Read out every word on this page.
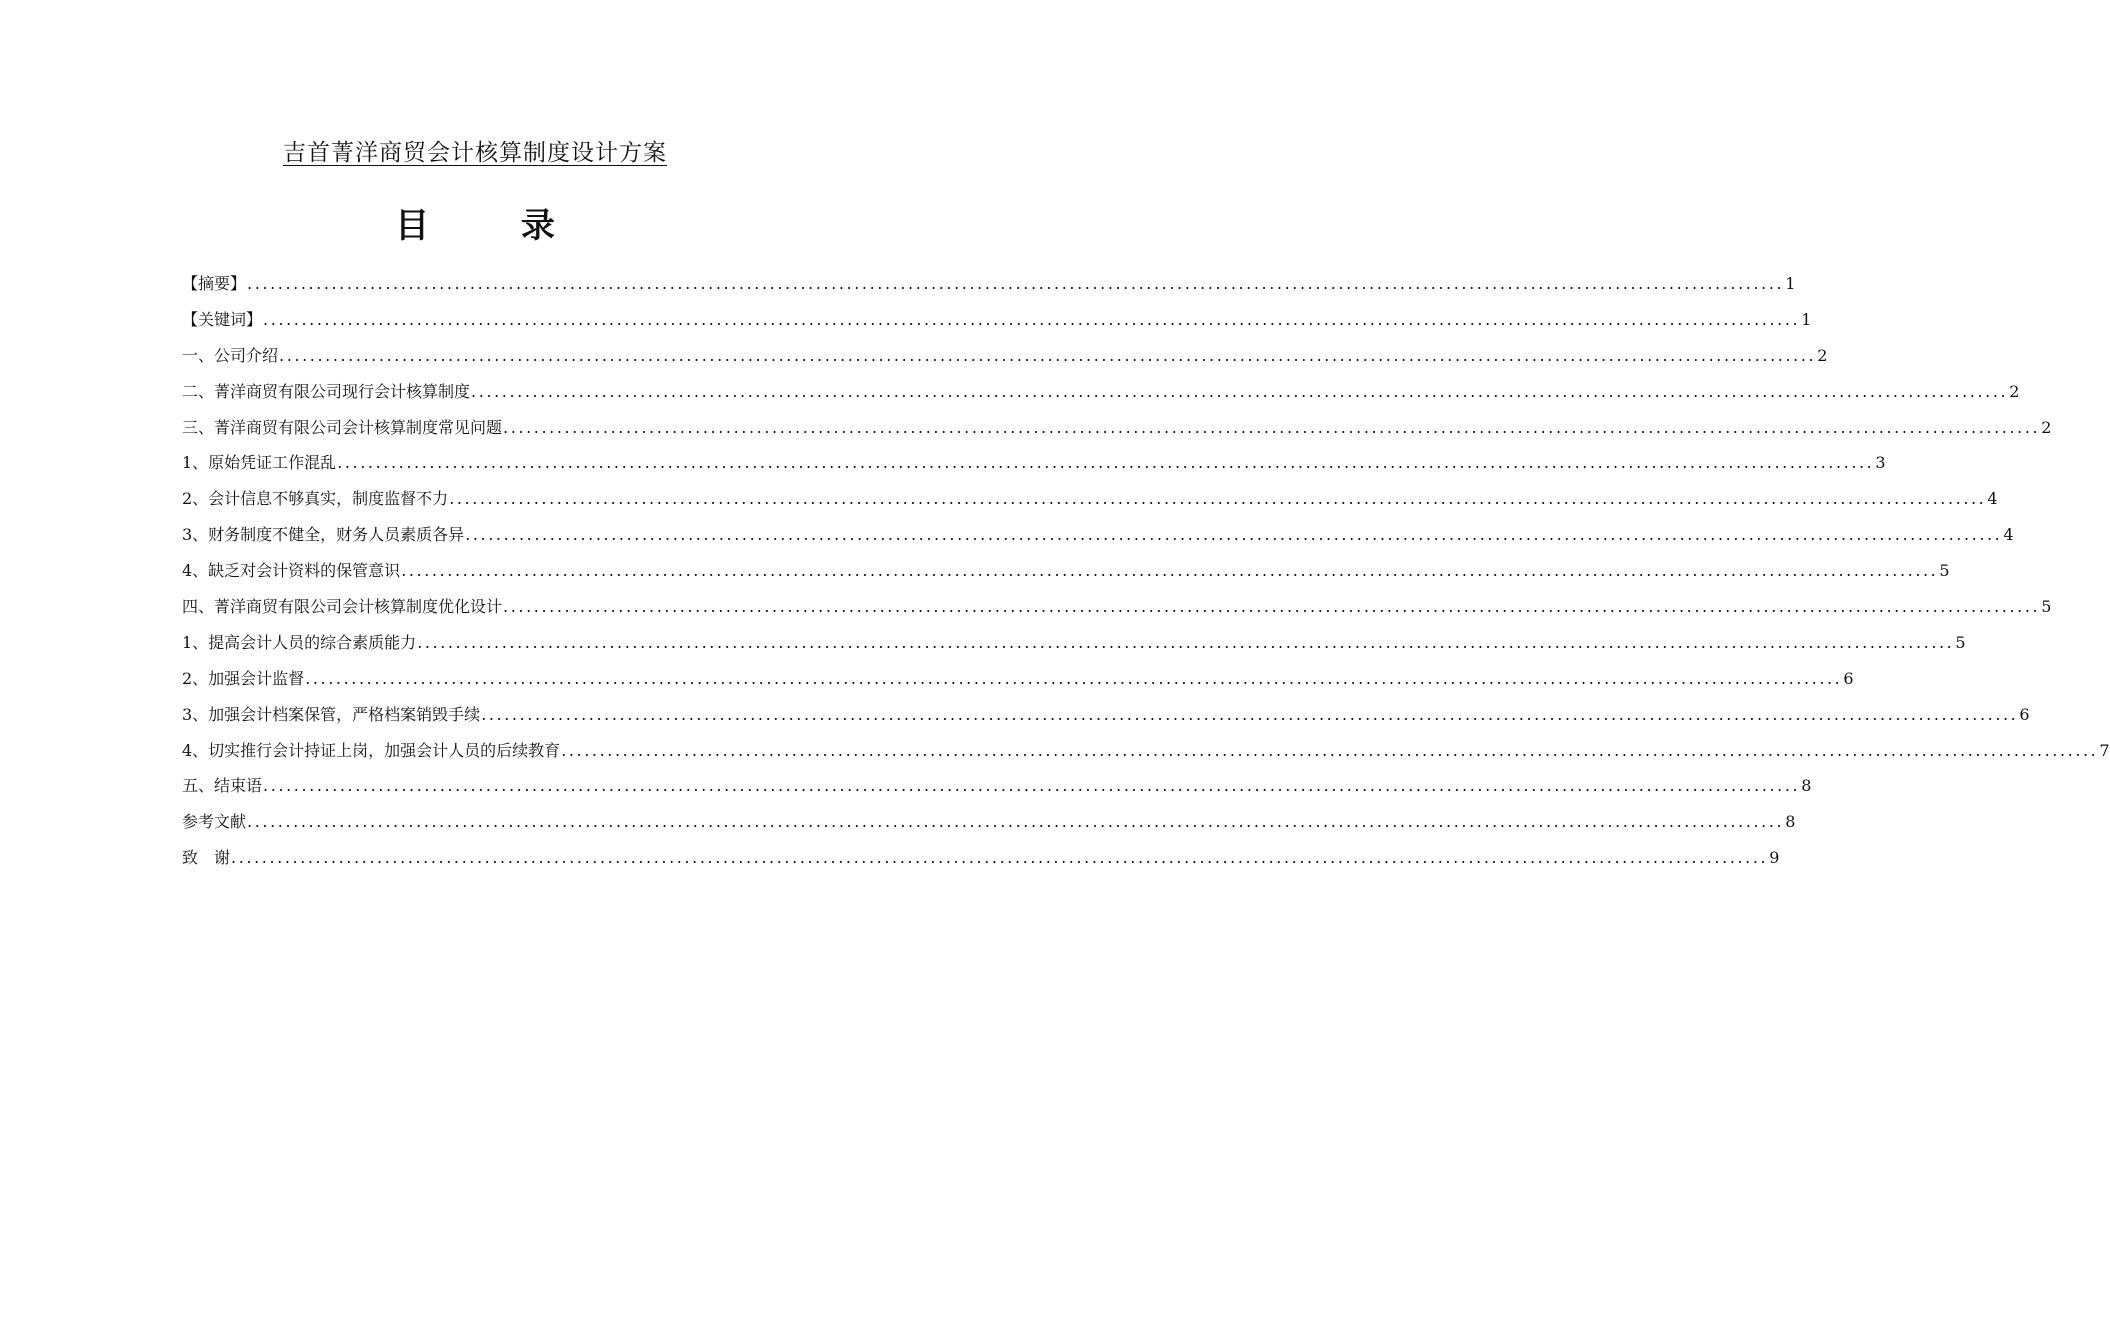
吉首菁洋商贸会计核算制度设计方案
目 录
【摘要】 ........................................................................................................................................................................................................ 1
【关键词】 ........................................................................................................................................................................................................ 1
一、公司介绍 ........................................................................................................................................................................................................ 2
二、菁洋商贸有限公司现行会计核算制度 ........................................................................................................................................................................................................ 2
三、菁洋商贸有限公司会计核算制度常见问题 ........................................................................................................................................................................................................ 2
1、原始凭证工作混乱 ........................................................................................................................................................................................................ 3
2、会计信息不够真实，制度监督不力 ........................................................................................................................................................................................................ 4
3、财务制度不健全，财务人员素质各异 ........................................................................................................................................................................................................ 4
4、缺乏对会计资料的保管意识 ........................................................................................................................................................................................................ 5
四、菁洋商贸有限公司会计核算制度优化设计 ........................................................................................................................................................................................................ 5
1、提高会计人员的综合素质能力 ........................................................................................................................................................................................................ 5
2、加强会计监督 ........................................................................................................................................................................................................ 6
3、加强会计档案保管，严格档案销毁手续 ........................................................................................................................................................................................................ 6
4、切实推行会计持证上岗，加强会计人员的后续教育 ........................................................................................................................................................................................................ 7
五、结束语 ........................................................................................................................................................................................................ 8
参考文献 ........................................................................................................................................................................................................ 8
致　谢 ........................................................................................................................................................................................................ 9
